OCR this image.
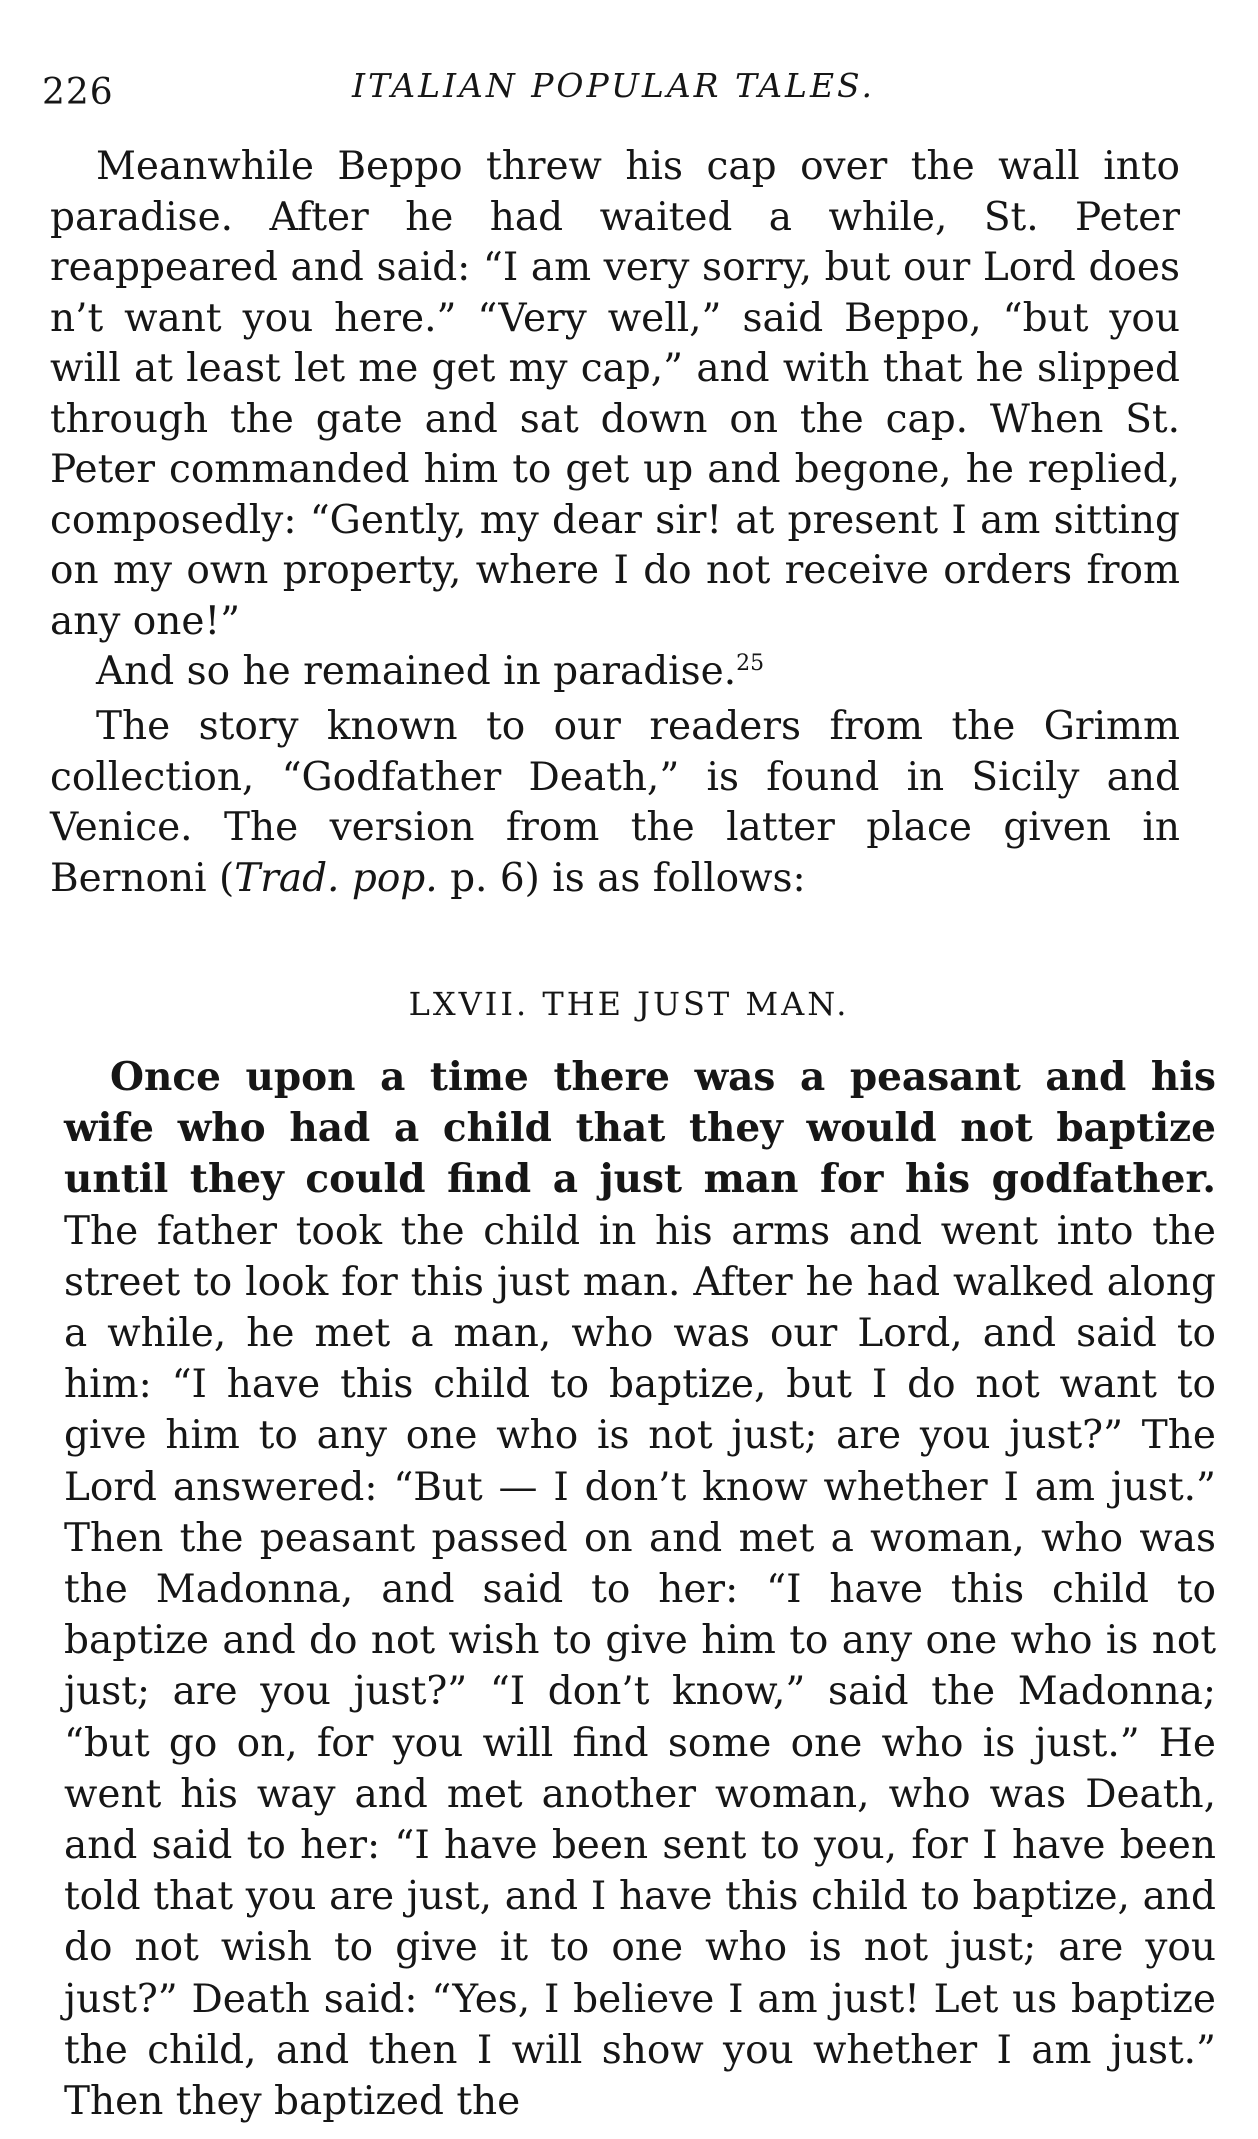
226	ITALIAN POPULAR TALES.

Meanwhile Beppo threw his cap over the wall into paradise. After he had waited a while, St. Peter reappeared and said: “I am very sorry, but our Lord does n’t want you here.” “Very well,” said Beppo, “but you will at least let me get my cap,” and with that he slipped through the gate and sat down on the cap. When St. Peter commanded him to get up and begone, he replied, composedly: “Gently, my dear sir! at present I am sitting on my own property, where I do not receive orders from any one!”

And so he remained in paradise.$^{25}$

The story known to our readers from the Grimm collection, “Godfather Death,” is found in Sicily and Venice. The version from the latter place given in Bernoni (Trad. pop. p. 6) is as follows:

LXVII. THE JUST MAN.

Once upon a time there was a peasant and his wife who had a child that they would not baptize until they could find a just man for his godfather. The father took the child in his arms and went into the street to look for this just man. After he had walked along a while, he met a man, who was our Lord, and said to him: “I have this child to baptize, but I do not want to give him to any one who is not just; are you just?” The Lord answered: “But — I don’t know whether I am just.” Then the peasant passed on and met a woman, who was the Madonna, and said to her: “I have this child to baptize and do not wish to give him to any one who is not just; are you just?” “I don’t know,” said the Madonna; “but go on, for you will find some one who is just.” He went his way and met another woman, who was Death, and said to her: “I have been sent to you, for I have been told that you are just, and I have this child to baptize, and do not wish to give it to one who is not just; are you just?” Death said: “Yes, I believe I am just! Let us baptize the child, and then I will show you whether I am just.” Then they baptized the
